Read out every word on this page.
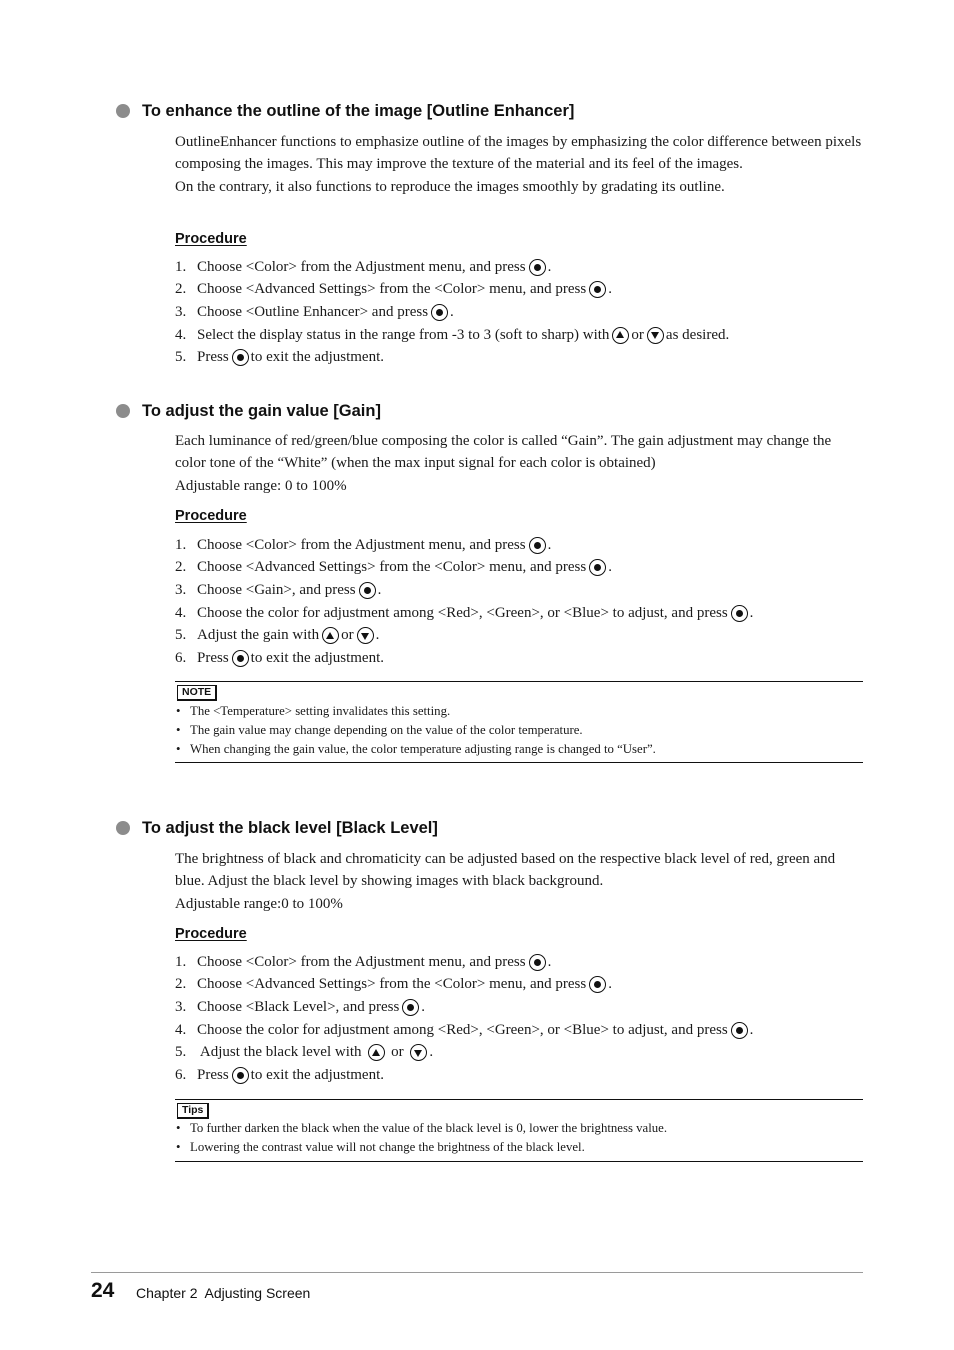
To enhance the outline of the image [Outline Enhancer]

OutlineEnhancer functions to emphasize outline of the images by emphasizing the color difference between pixels composing the images. This may improve the texture of the material and its feel of the images.

On the contrary, it also functions to reproduce the images smoothly by gradating its outline.

Procedure
1. Choose <Color> from the Adjustment menu, and press .
2. Choose <Advanced Settings> from the <Color> menu, and press .
3. Choose <Outline Enhancer> and press .
4. Select the display status in the range from -3 to 3 (soft to sharp) with or as desired.
5. Press to exit the adjustment.
To adjust the gain value [Gain]

Each luminance of red/green/blue composing the color is called “Gain”. The gain adjustment may change the color tone of the “White” (when the max input signal for each color is obtained)

Adjustable range: 0 to 100%

Procedure
1. Choose <Color> from the Adjustment menu, and press .
2. Choose <Advanced Settings> from the <Color> menu, and press .
3. Choose <Gain>, and press .
4. Choose the color for adjustment among <Red>, <Green>, or <Blue> to adjust, and press .
5. Adjust the gain with or .
6. Press to exit the adjustment.
NOTE
• The <Temperature> setting invalidates this setting.
• The gain value may change depending on the value of the color temperature.
• When changing the gain value, the color temperature adjusting range is changed to “User”.
To adjust the black level [Black Level]

The brightness of black and chromaticity can be adjusted based on the respective black level of red, green and blue. Adjust the black level by showing images with black background.

Adjustable range:0 to 100%

Procedure
1. Choose <Color> from the Adjustment menu, and press .
2. Choose <Advanced Settings> from the <Color> menu, and press .
3. Choose <Black Level>, and press .
4. Choose the color for adjustment among <Red>, <Green>, or <Blue> to adjust, and press .
5. Adjust the black level with or .
6. Press to exit the adjustment.
Tips
• To further darken the black when the value of the black level is 0, lower the brightness value.
• Lowering the contrast value will not change the brightness of the black level.
24 Chapter 2  Adjusting Screen
